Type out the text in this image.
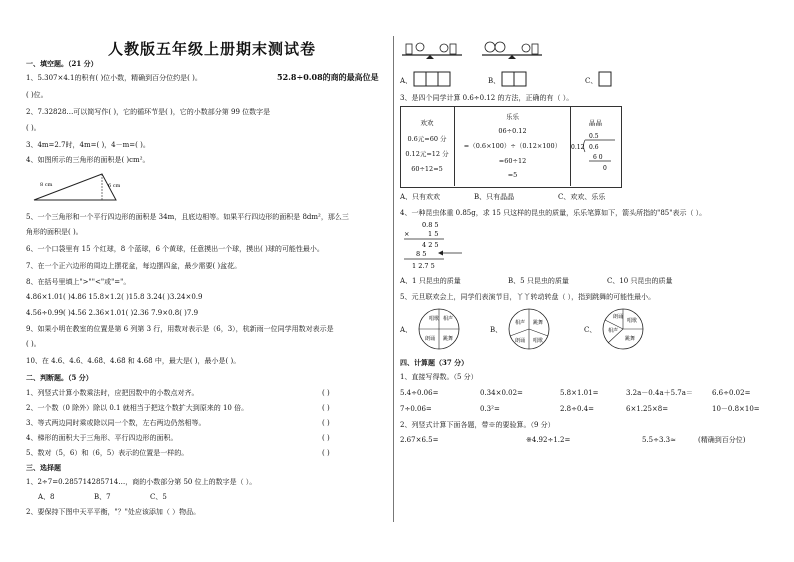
人教版五年级上册期末测试卷
一、填空题。（21 分）
1、5.307×4.1的积有( )位小数，精确到百分位约是( )。	52.8÷0.08的商的最高位是
( )位。
2、7.32828…可以简写作( )，它的循环节是( )，它的小数部分第 99 位数字是
( )。
3、4m=2.7时，4m=( )，4－m=( )。
4、如图所示的三角形的面积是( )cm²。
8 cm	6 cm
5、一个三角形和一个平行四边形的面积是 34m，且底边相等。如果平行四边形的面积是 8dm²，那么三
角形的面积是( )。
6、一个口袋里有 15 个红球，8 个蓝球，6 个黄球，任意摸出一个球，摸出( )球的可能性最小。
7、在一个正六边形的周边上摆花盆，每边摆四盆，最少需要( )盆花。
8、在括号里填上">""<"或"="。
4.86×1.01( )4.86 15.8×1.2( )15.8 3.24( )3.24×0.9
4.56÷0.99( )4.56 2.36×1.01( )2.36 7.9×0.8( )7.9
9、如果小明在教室的位置是第 6 列第 3 行，用数对表示是（6，3），杭新雨一位同学用数对表示是
( )。
10、在 4.6、4.6̇、4.6̇8̇、4.68̇ 和 4.6̇8̇ 中，最大是( )，最小是( )。
二、判断题。（5 分）
1、列竖式计算小数乘法时，应把因数中的小数点对齐。	( )
2、一个数（0 除外）除以 0.1 就相当于把这个数扩大到原来的 10 倍。	( )
3、等式两边同时乘或除以同一个数，左右两边仍然相等。	( )
4、梯形的面积大于三角形、平行四边形的面积。	( )
5、数对（5，6）和（6，5）表示的位置是一样的。	( )
三、选择题
1、2÷7=0.285714285714…，商的小数部分第 50 位上的数字是（ ）。
A、8	B、7	C、5
2、要保持下图中天平平衡，"？"处应该添加（ ）物品。
A、	B、	C、
3、是四个同学计算 0.6÷0.12 的方法，正确的有（ ）。
欢欢
0.6元=60 分
0.12元=12 分
60÷12=5
乐乐
06÷0.12
=（0.6×100）÷（0.12×100）
=60÷12
=5
晶晶
0.5
0.12 0.6
6 0
0
A、只有欢欢	B、只有晶晶	C、欢欢、乐乐
4、一种昆虫体重 0.85g，求 15 只这样的昆虫的质量，乐乐笔算如下，箭头所指的"85"表示（ ）。
0.8 5
×	1 5
4 2 5
8 5
1 2.7 5
A、1 只昆虫的质量	B、5 只昆虫的质量	C、10 只昆虫的质量
5、元旦联欢会上，同学们表演节目，丫丫转动转盘（ ），指到跳舞的可能性最小。
A、
唱歌 相声
跳舞
朗诵
B、
相声 跳舞
朗诵 唱歌
C、
唱歌
相声
跳舞
朗诵
四、计算题（37 分）
1、直接写得数。（5 分）
5.4÷0.06=	0.34×0.02=	5.8×1.01=	3.2a－0.4a＋5.7a＝	6.6÷0.02=
7÷0.06=	0.3²=	2.8÷0.4=	6×1.25×8=	10－0.8×10=
2、列竖式计算下面各题，带※的要验算。（9 分）
2.67×6.5=	※4.92÷1.2=	5.5÷3.3≈	(精确到百分位)
